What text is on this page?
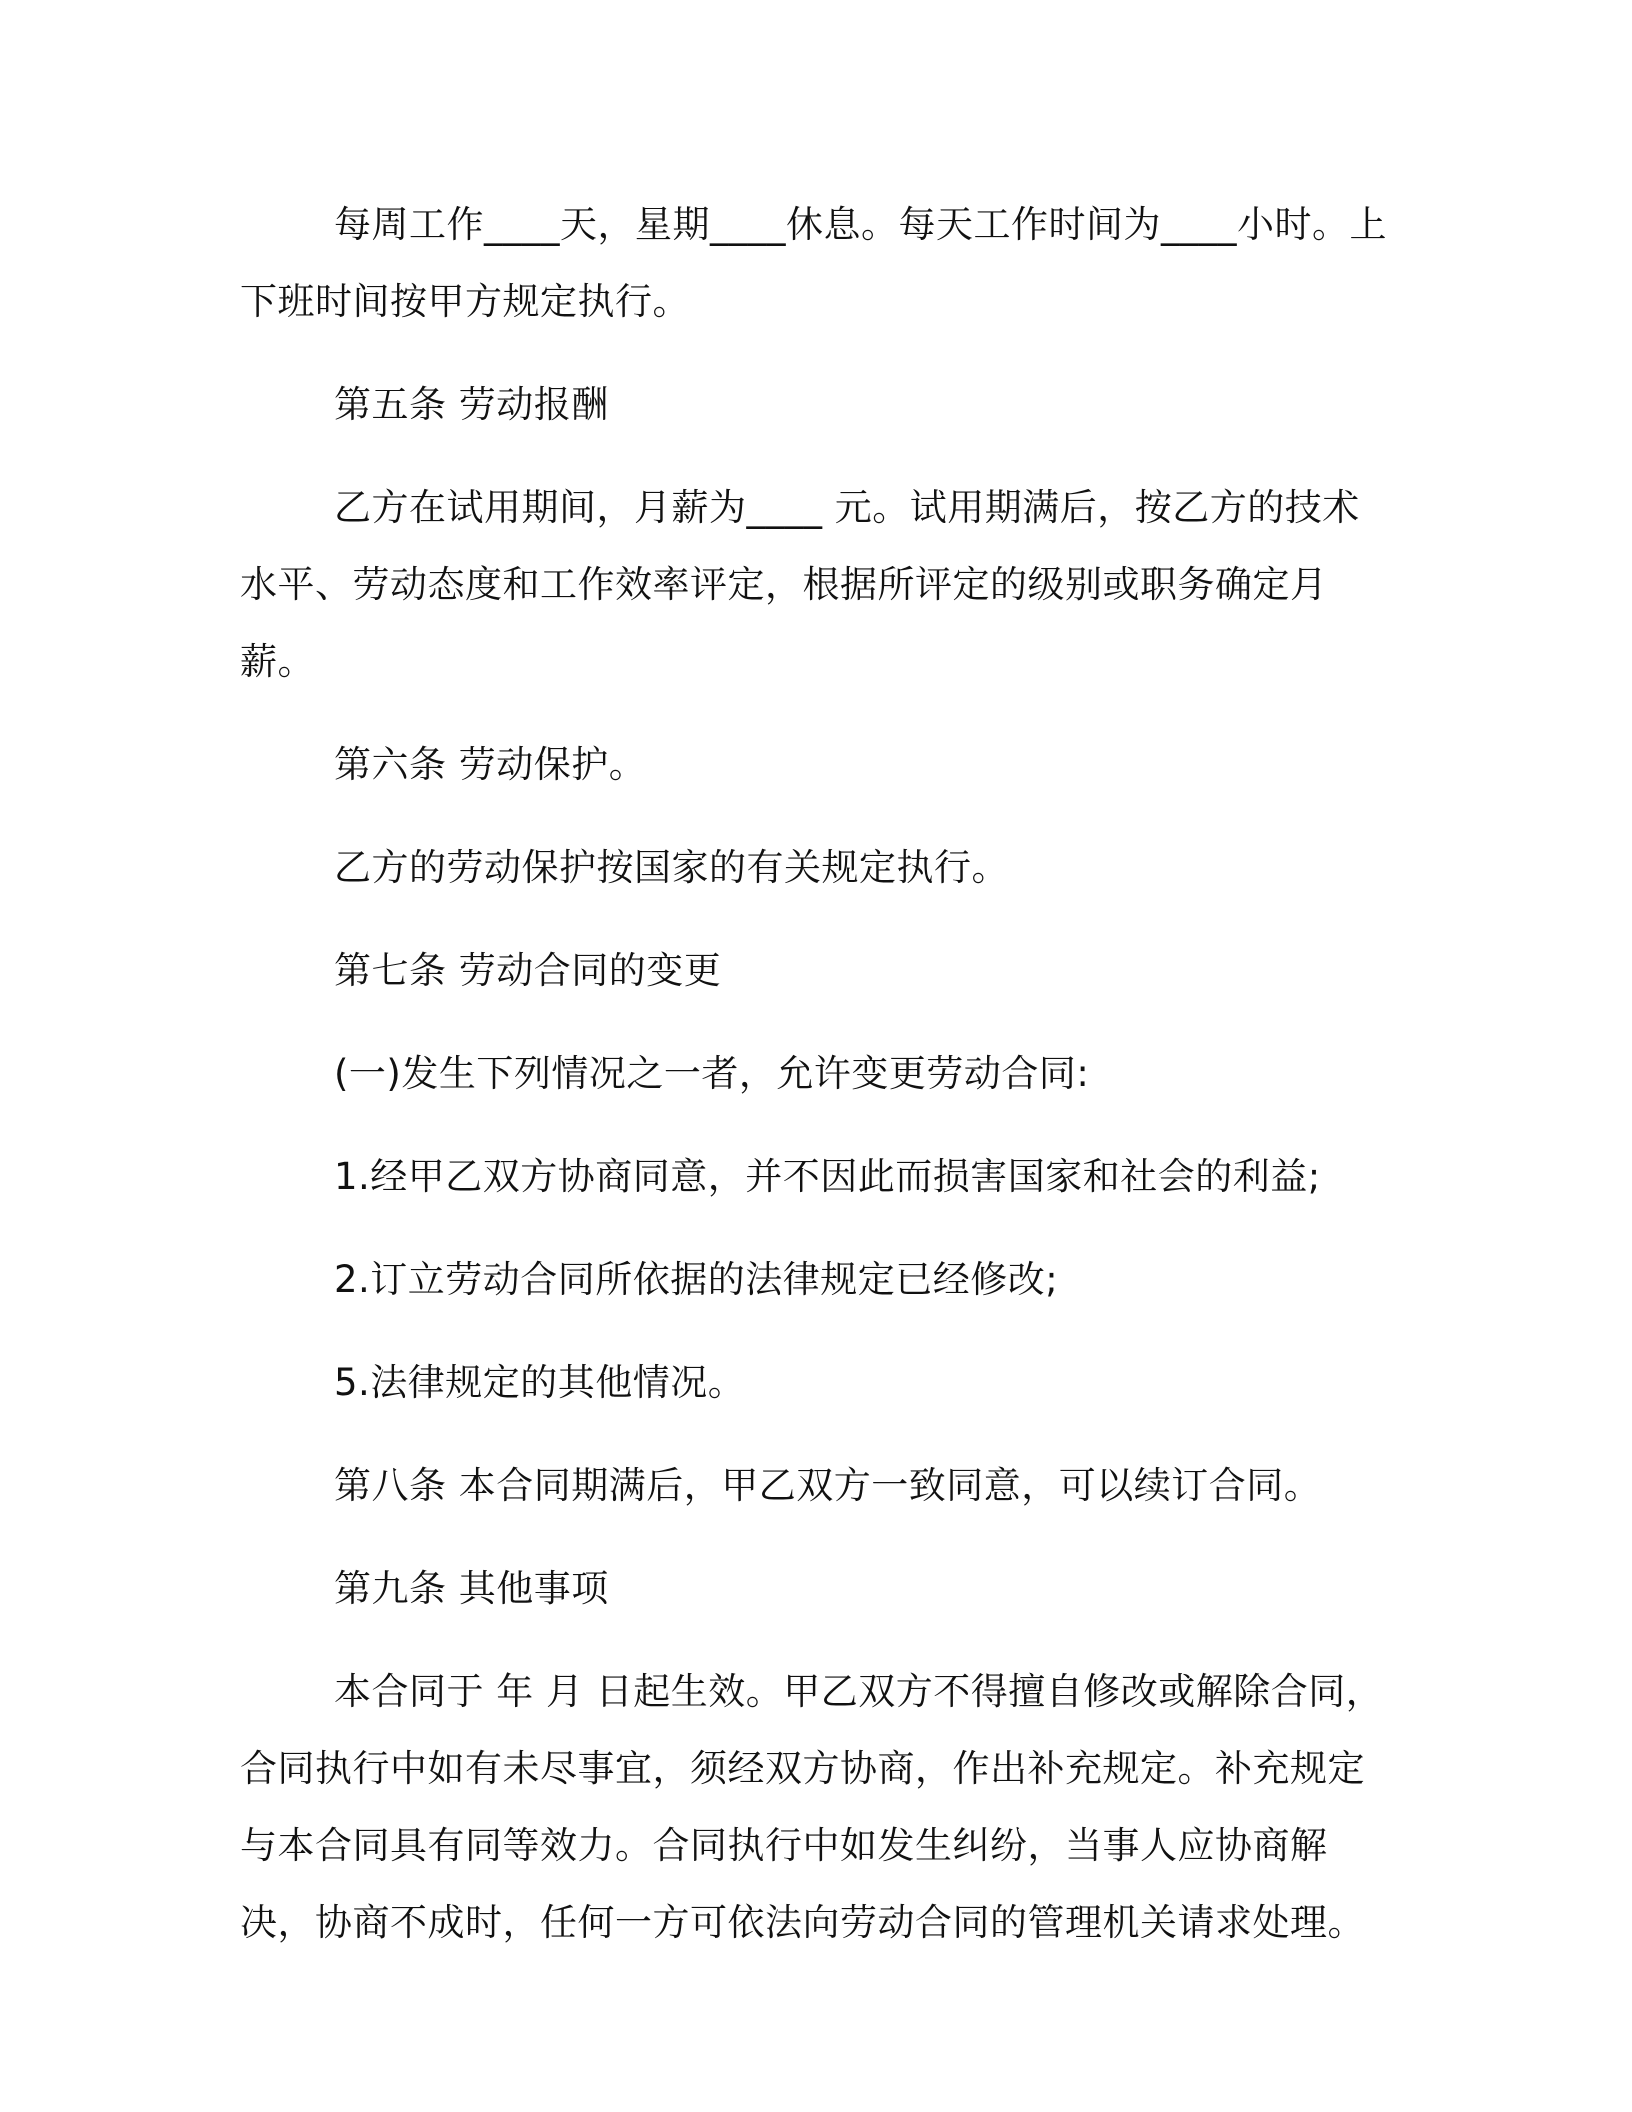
每周工作____天，星期____休息。每天工作时间为____小时。上下班时间按甲方规定执行。

第五条 劳动报酬

乙方在试用期间，月薪为____ 元。试用期满后，按乙方的技术水平、劳动态度和工作效率评定，根据所评定的级别或职务确定月薪。

第六条 劳动保护。

乙方的劳动保护按国家的有关规定执行。

第七条 劳动合同的变更

(一)发生下列情况之一者，允许变更劳动合同:

1.经甲乙双方协商同意，并不因此而损害国家和社会的利益;

2.订立劳动合同所依据的法律规定已经修改;

5.法律规定的其他情况。

第八条 本合同期满后，甲乙双方一致同意，可以续订合同。

第九条 其他事项

本合同于 年 月 日起生效。甲乙双方不得擅自修改或解除合同，合同执行中如有未尽事宜，须经双方协商，作出补充规定。补充规定与本合同具有同等效力。合同执行中如发生纠纷，当事人应协商解决，协商不成时，任何一方可依法向劳动合同的管理机关请求处理。
